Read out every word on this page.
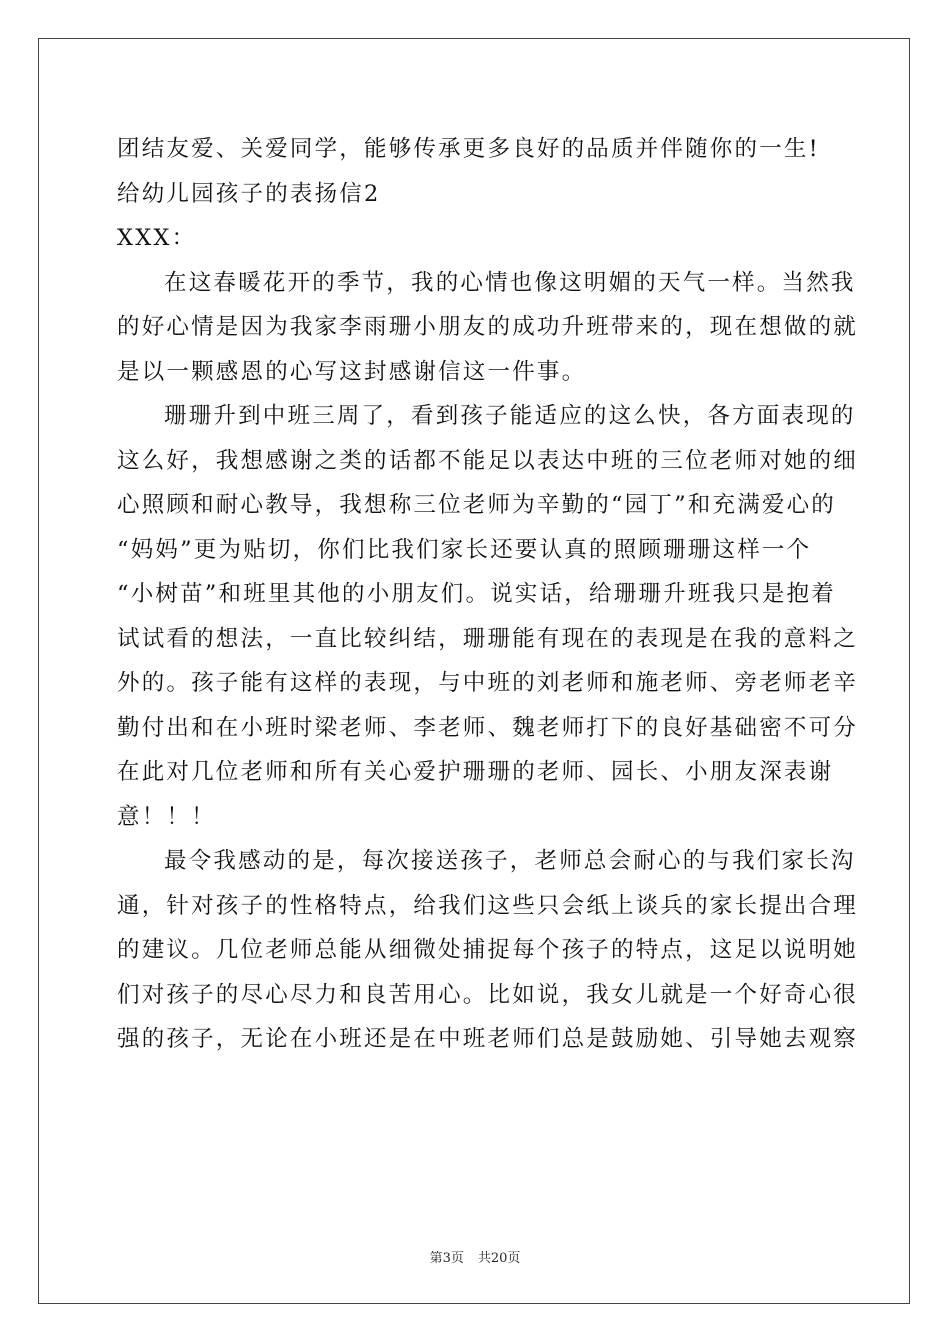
团结友爱、关爱同学，能够传承更多良好的品质并伴随你的一生!
给幼儿园孩子的表扬信2
XXX：
在这春暖花开的季节，我的心情也像这明媚的天气一样。当然我
的好心情是因为我家李雨珊小朋友的成功升班带来的，现在想做的就
是以一颗感恩的心写这封感谢信这一件事。
珊珊升到中班三周了，看到孩子能适应的这么快，各方面表现的
这么好，我想感谢之类的话都不能足以表达中班的三位老师对她的细
心照顾和耐心教导，我想称三位老师为辛勤的“园丁”和充满爱心的
“妈妈”更为贴切，你们比我们家长还要认真的照顾珊珊这样一个
“小树苗”和班里其他的小朋友们。说实话，给珊珊升班我只是抱着
试试看的想法，一直比较纠结，珊珊能有现在的表现是在我的意料之
外的。孩子能有这样的表现，与中班的刘老师和施老师、旁老师老辛
勤付出和在小班时梁老师、李老师、魏老师打下的良好基础密不可分
在此对几位老师和所有关心爱护珊珊的老师、园长、小朋友深表谢
意！！！
最令我感动的是，每次接送孩子，老师总会耐心的与我们家长沟
通，针对孩子的性格特点，给我们这些只会纸上谈兵的家长提出合理
的建议。几位老师总能从细微处捕捉每个孩子的特点，这足以说明她
们对孩子的尽心尽力和良苦用心。比如说，我女儿就是一个好奇心很
强的孩子，无论在小班还是在中班老师们总是鼓励她、引导她去观察
第3页 共20页
